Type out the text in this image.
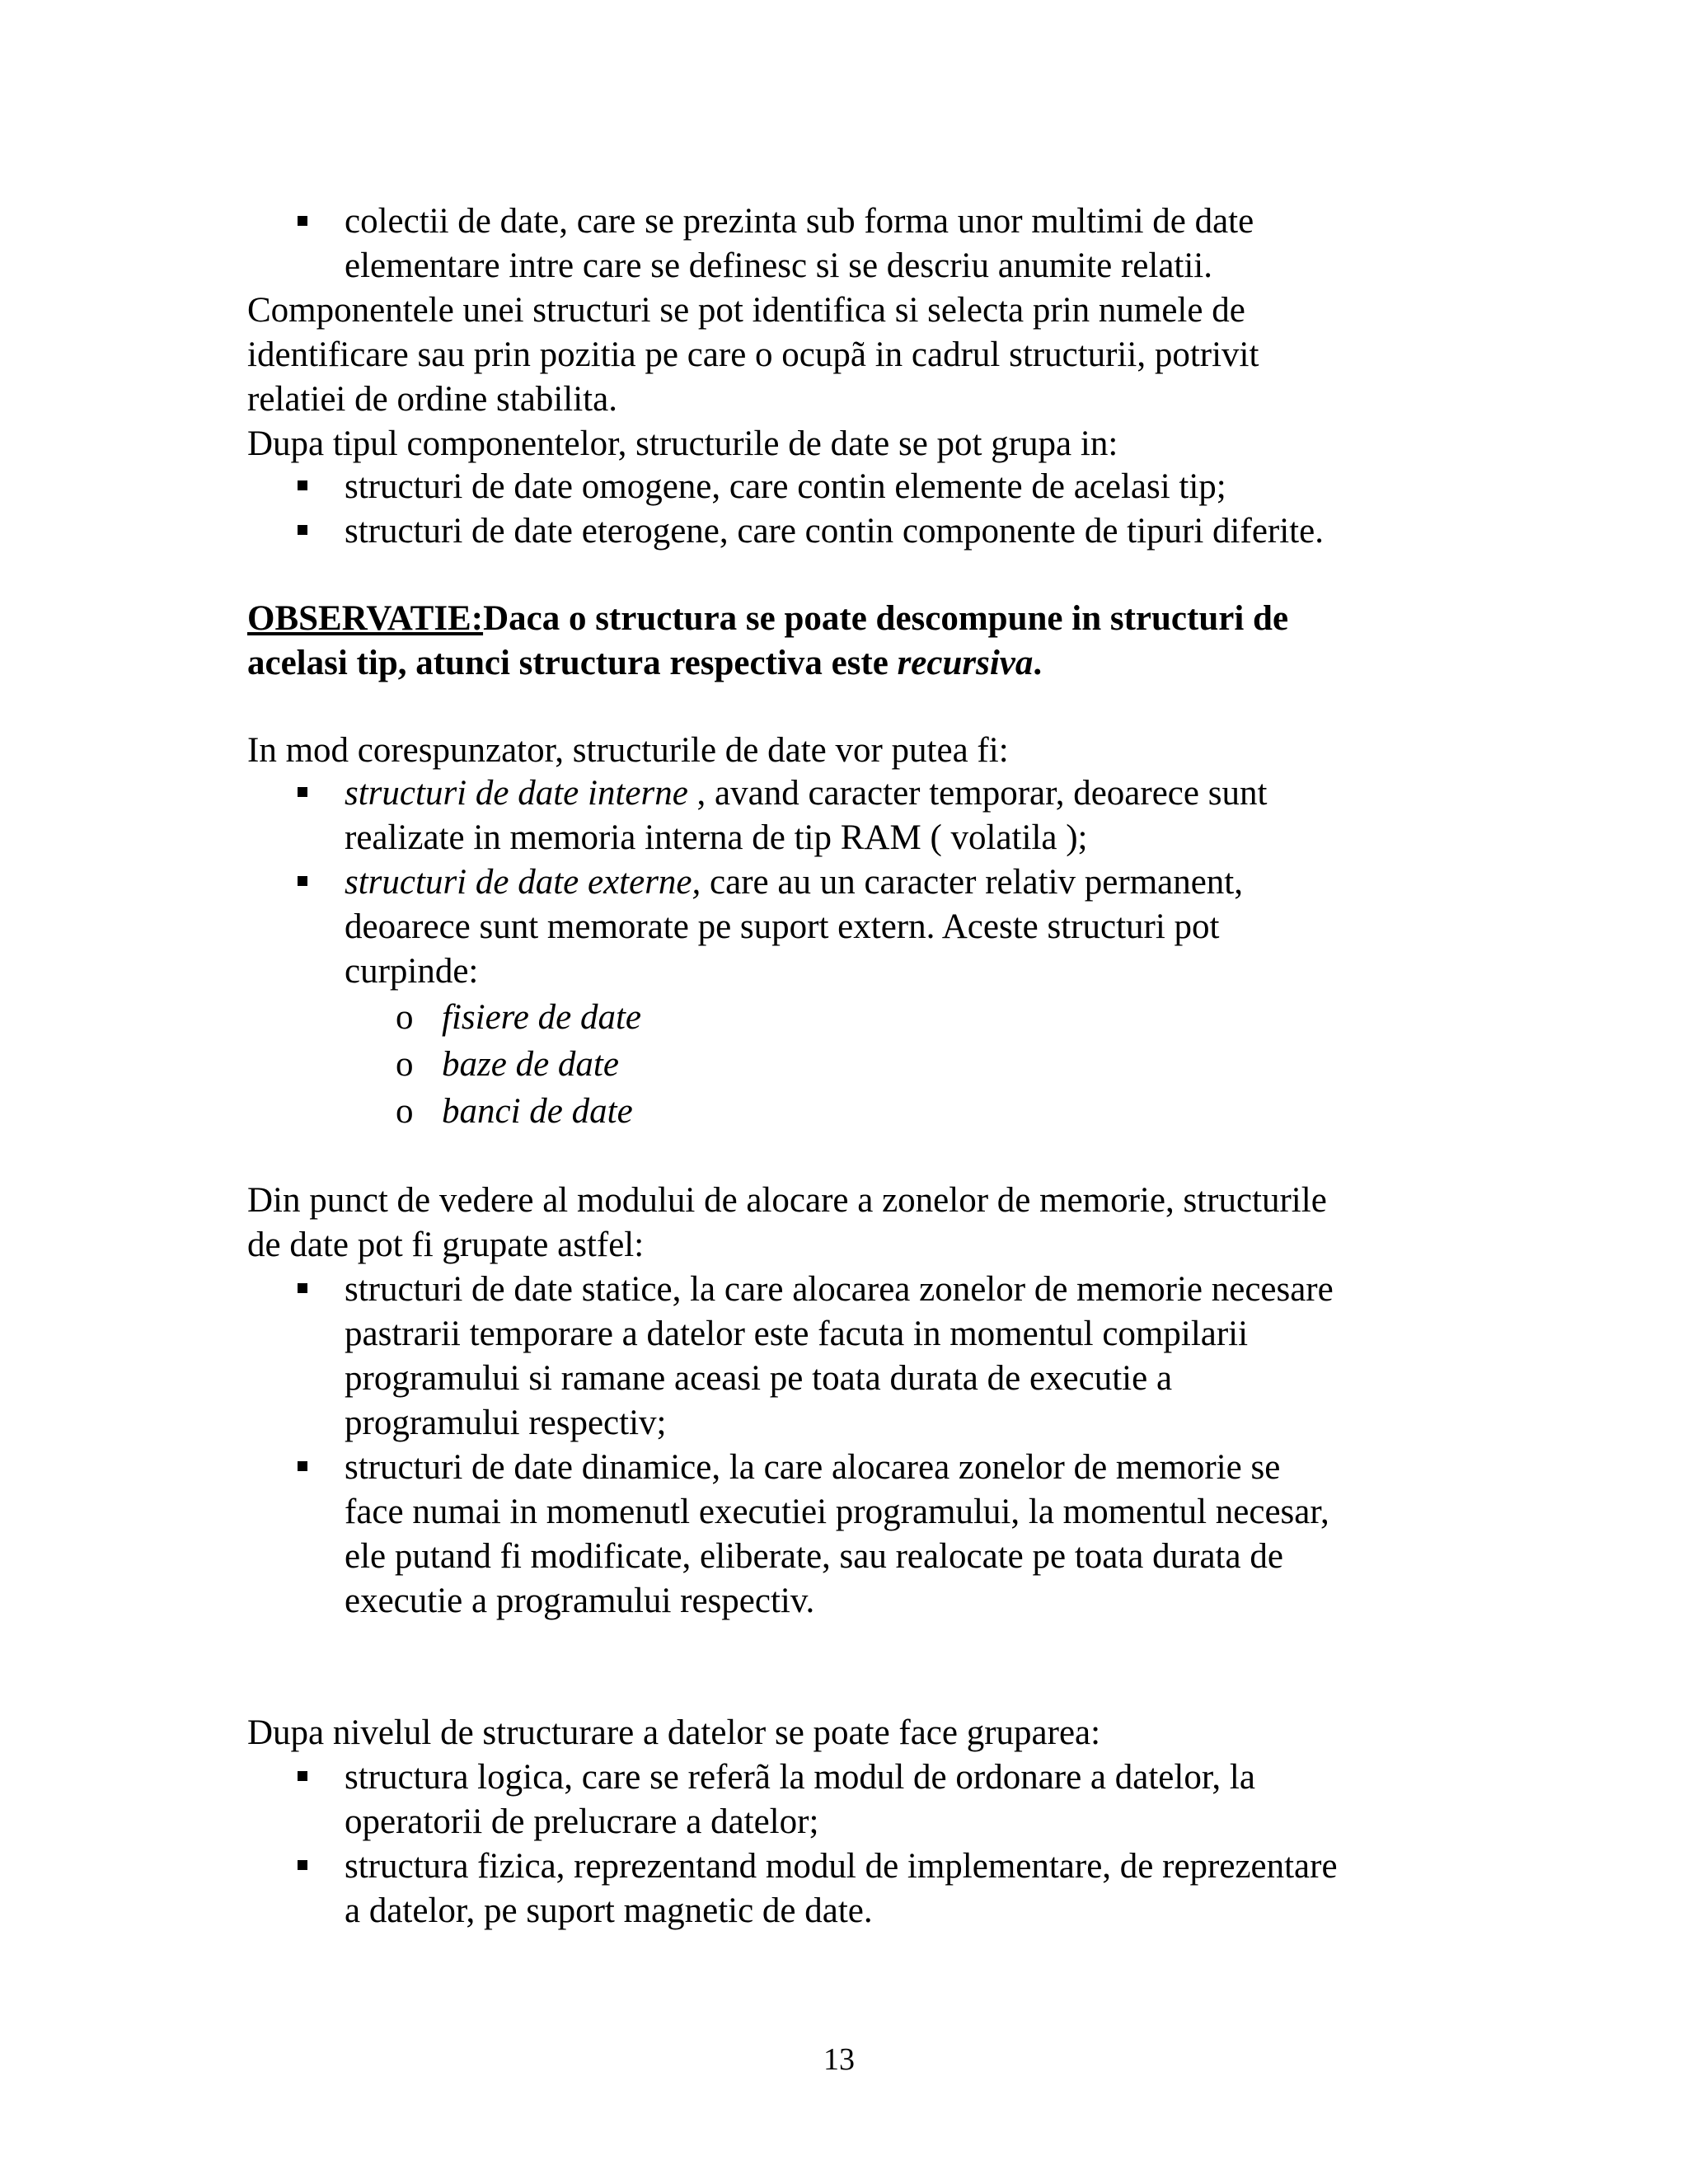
colectii de date, care se prezinta sub forma unor multimi de date
elementare intre care se definesc si se descriu anumite relatii.
Componentele unei structuri se pot identifica si selecta prin numele de
identificare sau prin pozitia pe care o ocupã in cadrul structurii, potrivit
relatiei de ordine stabilita.
Dupa tipul componentelor, structurile de date se pot grupa in:
structuri de date omogene, care contin elemente de acelasi tip;
structuri de date eterogene, care contin componente de tipuri diferite.
OBSERVATIE:Daca o structura se poate descompune in structuri de
acelasi tip, atunci structura respectiva este recursiva.
In mod corespunzator, structurile de date vor putea fi:
structuri de date interne , avand caracter temporar, deoarece sunt
realizate in memoria interna de tip RAM ( volatila );
structuri de date externe, care au un caracter relativ permanent,
deoarece sunt memorate pe suport extern. Aceste structuri pot
curpinde:
o fisiere de date
o baze de date
o banci de date
Din punct de vedere al modului de alocare a zonelor de memorie, structurile
de date pot fi grupate astfel:
structuri de date statice, la care alocarea zonelor de memorie necesare
pastrarii temporare a datelor este facuta in momentul compilarii
programului si ramane aceasi pe toata durata de executie a
programului respectiv;
structuri de date dinamice, la care alocarea zonelor de memorie se
face numai in momenutl executiei programului, la momentul necesar,
ele putand fi modificate, eliberate, sau realocate pe toata durata de
executie a programului respectiv.
Dupa nivelul de structurare a datelor se poate face gruparea:
structura logica, care se referã la modul de ordonare a datelor, la
operatorii de prelucrare a datelor;
structura fizica, reprezentand modul de implementare, de reprezentare
a datelor, pe suport magnetic de date.
13
